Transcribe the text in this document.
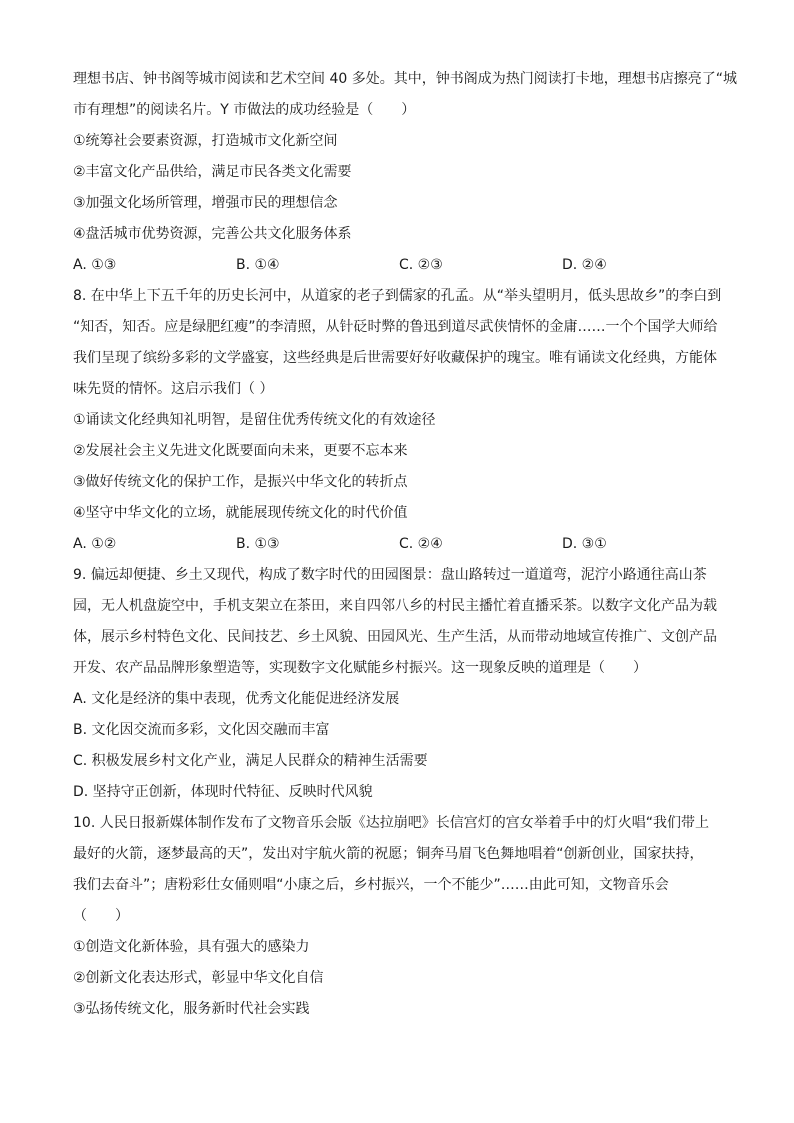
理想书店、钟书阁等城市阅读和艺术空间 40 多处。其中，钟书阁成为热门阅读打卡地，理想书店擦亮了“城
市有理想”的阅读名片。Y 市做法的成功经验是（　　）
①统筹社会要素资源，打造城市文化新空间
②丰富文化产品供给，满足市民各类文化需要
③加强文化场所管理，增强市民的理想信念
④盘活城市优势资源，完善公共文化服务体系
A. ①③	B. ①④	C. ②③	D. ②④
8. 在中华上下五千年的历史长河中，从道家的老子到儒家的孔孟。从“举头望明月，低头思故乡”的李白到
“知否，知否。应是绿肥红瘦”的李清照，从针砭时弊的鲁迅到道尽武侠情怀的金庸……一个个国学大师给
我们呈现了缤纷多彩的文学盛宴，这些经典是后世需要好好收藏保护的瑰宝。唯有诵读文化经典，方能体
味先贤的情怀。这启示我们（ ）
①诵读文化经典知礼明智，是留住优秀传统文化的有效途径
②发展社会主义先进文化既要面向未来，更要不忘本来
③做好传统文化的保护工作，是振兴中华文化的转折点
④坚守中华文化的立场，就能展现传统文化的时代价值
A. ①②	B. ①③	C. ②④	D. ③①
9. 偏远却便捷、乡土又现代，构成了数字时代的田园图景：盘山路转过一道道弯，泥泞小路通往高山茶
园，无人机盘旋空中，手机支架立在茶田，来自四邻八乡的村民主播忙着直播采茶。以数字文化产品为载
体，展示乡村特色文化、民间技艺、乡土风貌、田园风光、生产生活，从而带动地域宣传推广、文创产品
开发、农产品品牌形象塑造等，实现数字文化赋能乡村振兴。这一现象反映的道理是（　　）
A. 文化是经济的集中表现，优秀文化能促进经济发展
B. 文化因交流而多彩，文化因交融而丰富
C. 积极发展乡村文化产业，满足人民群众的精神生活需要
D. 坚持守正创新，体现时代特征、反映时代风貌
10. 人民日报新媒体制作发布了文物音乐会版《达拉崩吧》长信宫灯的宫女举着手中的灯火唱“我们带上
最好的火箭，逐梦最高的天”，发出对宇航火箭的祝愿；铜奔马眉飞色舞地唱着“创新创业，国家扶持，
我们去奋斗”；唐粉彩仕女俑则唱“小康之后，乡村振兴，一个不能少”……由此可知，文物音乐会
（　　）
①创造文化新体验，具有强大的感染力
②创新文化表达形式，彰显中华文化自信
③弘扬传统文化，服务新时代社会实践
